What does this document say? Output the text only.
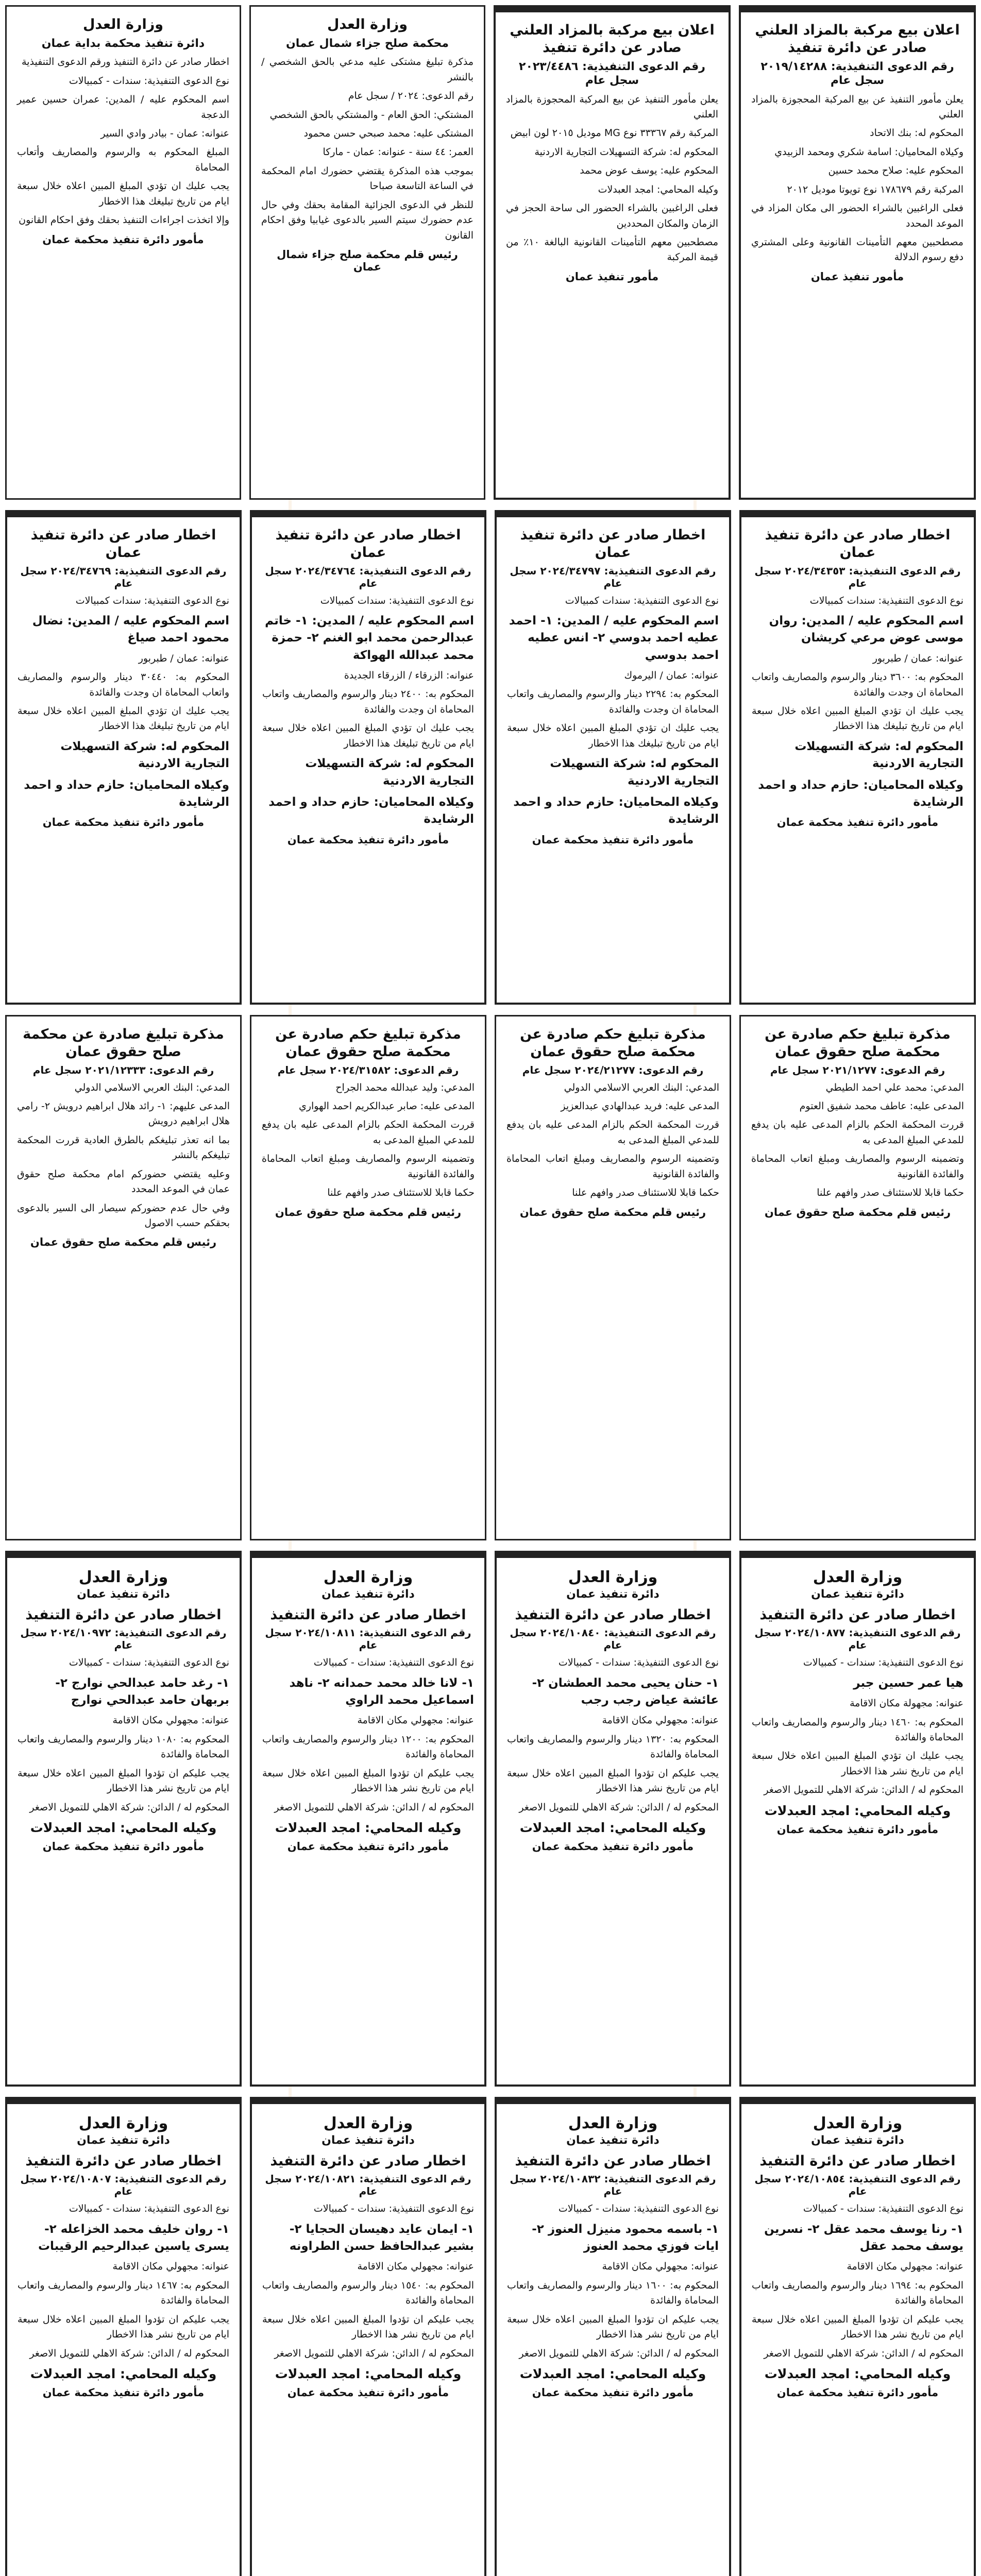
وزارة العدل
دائرة تنفيذ محكمة بداية عمان

اخطار صادر عن دائرة التنفيذ ورقم الدعوى التنفيذية

نوع الدعوى التنفيذية: سندات - كمبيالات

اسم المحكوم عليه / المدين: عمران حسين عمير الدعجة

عنوانه: عمان - بيادر وادي السير

المبلغ المحكوم به والرسوم والمصاريف وأتعاب المحاماة

يجب عليك ان تؤدي المبلغ المبين اعلاه خلال سبعة ايام من تاريخ تبليغك هذا الاخطار

وإلا اتخذت اجراءات التنفيذ بحقك وفق احكام القانون

مأمور دائرة تنفيذ محكمة عمان
وزارة العدل
محكمة صلح جزاء شمال عمان

مذكرة تبليغ مشتكى عليه مدعي بالحق الشخصي / بالنشر

رقم الدعوى: ٢٠٢٤ / سجل عام

المشتكي: الحق العام - والمشتكي بالحق الشخصي

المشتكى عليه: محمد صبحي حسن محمود

العمر: ٤٤ سنة - عنوانه: عمان - ماركا

بموجب هذه المذكرة يقتضي حضورك امام المحكمة في الساعة التاسعة صباحا

للنظر في الدعوى الجزائية المقامة بحقك وفي حال عدم حضورك سيتم السير بالدعوى غيابيا وفق احكام القانون

رئيس قلم محكمة صلح جزاء شمال عمان
اعلان بيع مركبة بالمزاد العلني صادر عن دائرة تنفيذ
رقم الدعوى التنفيذية: ٢٠٢٣/٤٤٨٦ سجل عام

يعلن مأمور التنفيذ عن بيع المركبة المحجوزة بالمزاد العلني

المركبة رقم ٣٣٣٦٧ نوع MG موديل ٢٠١٥ لون ابيض

المحكوم له: شركة التسهيلات التجارية الاردنية

المحكوم عليه: يوسف عوض محمد

وكيله المحامي: امجد العبدلات

فعلى الراغبين بالشراء الحضور الى ساحة الحجز في الزمان والمكان المحددين

مصطحبين معهم التأمينات القانونية البالغة ١٠٪ من قيمة المركبة

مأمور تنفيذ عمان
اعلان بيع مركبة بالمزاد العلني صادر عن دائرة تنفيذ
رقم الدعوى التنفيذية: ٢٠١٩/١٤٢٨٨ سجل عام

يعلن مأمور التنفيذ عن بيع المركبة المحجوزة بالمزاد العلني

المحكوم له: بنك الاتحاد

وكيلاه المحاميان: اسامة شكري ومحمد الزبيدي

المحكوم عليه: صلاح محمد حسين

المركبة رقم ١٧٨٦٧٩ نوع تويوتا موديل ٢٠١٢

فعلى الراغبين بالشراء الحضور الى مكان المزاد في الموعد المحدد

مصطحبين معهم التأمينات القانونية وعلى المشتري دفع رسوم الدلالة

مأمور تنفيذ عمان
اخطار صادر عن دائرة تنفيذ عمان
رقم الدعوى التنفيذية: ٢٠٢٤/٣٤٧٦٩ سجل عام

نوع الدعوى التنفيذية: سندات كمبيالات

اسم المحكوم عليه / المدين: نضال محمود احمد صياغ

عنوانه: عمان / طبربور

المحكوم به: ٣٠٤٤٠ دينار والرسوم والمصاريف واتعاب المحاماة ان وجدت والفائدة

يجب عليك ان تؤدي المبلغ المبين اعلاه خلال سبعة ايام من تاريخ تبليغك هذا الاخطار

المحكوم له: شركة التسهيلات التجارية الاردنية
وكيلاه المحاميان: حازم حداد و احمد الرشايدة
مأمور دائرة تنفيذ محكمة عمان
اخطار صادر عن دائرة تنفيذ عمان
رقم الدعوى التنفيذية: ٢٠٢٤/٣٤٧٦٤ سجل عام

نوع الدعوى التنفيذية: سندات كمبيالات

اسم المحكوم عليه / المدين: ١- خاتم عبدالرحمن محمد ابو الغنم ٢- حمزة محمد عبدالله الهواكة

عنوانه: الزرقاء / الزرقاء الجديدة

المحكوم به: ٢٤٠٠ دينار والرسوم والمصاريف واتعاب المحاماة ان وجدت والفائدة

يجب عليك ان تؤدي المبلغ المبين اعلاه خلال سبعة ايام من تاريخ تبليغك هذا الاخطار

المحكوم له: شركة التسهيلات التجارية الاردنية
وكيلاه المحاميان: حازم حداد و احمد الرشايدة
مأمور دائرة تنفيذ محكمة عمان
اخطار صادر عن دائرة تنفيذ عمان
رقم الدعوى التنفيذية: ٢٠٢٤/٣٤٧٩٧ سجل عام

نوع الدعوى التنفيذية: سندات كمبيالات

اسم المحكوم عليه / المدين: ١- احمد عطيه احمد بدوسي ٢- انس عطيه احمد بدوسي

عنوانه: عمان / اليرموك

المحكوم به: ٢٢٩٤ دينار والرسوم والمصاريف واتعاب المحاماة ان وجدت والفائدة

يجب عليك ان تؤدي المبلغ المبين اعلاه خلال سبعة ايام من تاريخ تبليغك هذا الاخطار

المحكوم له: شركة التسهيلات التجارية الاردنية
وكيلاه المحاميان: حازم حداد و احمد الرشايدة
مأمور دائرة تنفيذ محكمة عمان
اخطار صادر عن دائرة تنفيذ عمان
رقم الدعوى التنفيذية: ٢٠٢٤/٣٤٣٥٣ سجل عام

نوع الدعوى التنفيذية: سندات كمبيالات

اسم المحكوم عليه / المدين: روان موسى عوض مرعي كريشان

عنوانه: عمان / طبربور

المحكوم به: ٣٦٠٠ دينار والرسوم والمصاريف واتعاب المحاماة ان وجدت والفائدة

يجب عليك ان تؤدي المبلغ المبين اعلاه خلال سبعة ايام من تاريخ تبليغك هذا الاخطار

المحكوم له: شركة التسهيلات التجارية الاردنية
وكيلاه المحاميان: حازم حداد و احمد الرشايدة
مأمور دائرة تنفيذ محكمة عمان
مذكرة تبليغ صادرة عن محكمة صلح حقوق عمان
رقم الدعوى: ٢٠٢١/١٢٣٣٣ سجل عام

المدعي: البنك العربي الاسلامي الدولي

المدعى عليهم: ١- رائد هلال ابراهيم درويش ٢- رامي هلال ابراهيم درويش

بما انه تعذر تبليغكم بالطرق العادية قررت المحكمة تبليغكم بالنشر

وعليه يقتضي حضوركم امام محكمة صلح حقوق عمان في الموعد المحدد

وفي حال عدم حضوركم سيصار الى السير بالدعوى بحقكم حسب الاصول

رئيس قلم محكمة صلح حقوق عمان
مذكرة تبليغ حكم صادرة عن محكمة صلح حقوق عمان
رقم الدعوى: ٢٠٢٤/٣١٥٨٢ سجل عام

المدعي: وليد عبدالله محمد الجراح

المدعى عليه: صابر عبدالكريم احمد الهواري

قررت المحكمة الحكم بالزام المدعى عليه بان يدفع للمدعي المبلغ المدعى به

وتضمينه الرسوم والمصاريف ومبلغ اتعاب المحاماة والفائدة القانونية

حكما قابلا للاستئناف صدر وافهم علنا

رئيس قلم محكمة صلح حقوق عمان
مذكرة تبليغ حكم صادرة عن محكمة صلح حقوق عمان
رقم الدعوى: ٢٠٢٤/٢١٢٧٧ سجل عام

المدعي: البنك العربي الاسلامي الدولي

المدعى عليه: فريد عبدالهادي عبدالعزيز

قررت المحكمة الحكم بالزام المدعى عليه بان يدفع للمدعي المبلغ المدعى به

وتضمينه الرسوم والمصاريف ومبلغ اتعاب المحاماة والفائدة القانونية

حكما قابلا للاستئناف صدر وافهم علنا

رئيس قلم محكمة صلح حقوق عمان
مذكرة تبليغ حكم صادرة عن محكمة صلح حقوق عمان
رقم الدعوى: ٢٠٢١/١٢٧٧ سجل عام

المدعي: محمد علي احمد الطيطي

المدعى عليه: عاطف محمد شفيق العتوم

قررت المحكمة الحكم بالزام المدعى عليه بان يدفع للمدعي المبلغ المدعى به

وتضمينه الرسوم والمصاريف ومبلغ اتعاب المحاماة والفائدة القانونية

حكما قابلا للاستئناف صدر وافهم علنا

رئيس قلم محكمة صلح حقوق عمان
وزارة العدل
دائرة تنفيذ عمان
اخطار صادر عن دائرة التنفيذ
رقم الدعوى التنفيذية: ٢٠٢٤/١٠٩٧٢ سجل عام

نوع الدعوى التنفيذية: سندات - كمبيالات

١- رغد حامد عبدالحي نوارج ٢- بربهان حامد عبدالحي نوارج

عنوانه: مجهولي مكان الاقامة

المحكوم به: ١٠٨٠ دينار والرسوم والمصاريف واتعاب المحاماة والفائدة

يجب عليكم ان تؤدوا المبلغ المبين اعلاه خلال سبعة ايام من تاريخ نشر هذا الاخطار

المحكوم له / الدائن: شركة الاهلي للتمويل الاصغر

وكيله المحامي: امجد العبدلات
مأمور دائرة تنفيذ محكمة عمان
وزارة العدل
دائرة تنفيذ عمان
اخطار صادر عن دائرة التنفيذ
رقم الدعوى التنفيذية: ٢٠٢٤/١٠٨١١ سجل عام

نوع الدعوى التنفيذية: سندات - كمبيالات

١- لانا خالد محمد حمدانه ٢- ناهد اسماعيل محمد الراوي

عنوانه: مجهولي مكان الاقامة

المحكوم به: ١٢٠٠ دينار والرسوم والمصاريف واتعاب المحاماة والفائدة

يجب عليكم ان تؤدوا المبلغ المبين اعلاه خلال سبعة ايام من تاريخ نشر هذا الاخطار

المحكوم له / الدائن: شركة الاهلي للتمويل الاصغر

وكيله المحامي: امجد العبدلات
مأمور دائرة تنفيذ محكمة عمان
وزارة العدل
دائرة تنفيذ عمان
اخطار صادر عن دائرة التنفيذ
رقم الدعوى التنفيذية: ٢٠٢٤/١٠٨٤٠ سجل عام

نوع الدعوى التنفيذية: سندات - كمبيالات

١- حنان يحيى محمد العطشان ٢- عائشة عياض رجب رجب

عنوانه: مجهولي مكان الاقامة

المحكوم به: ١٣٢٠ دينار والرسوم والمصاريف واتعاب المحاماة والفائدة

يجب عليكم ان تؤدوا المبلغ المبين اعلاه خلال سبعة ايام من تاريخ نشر هذا الاخطار

المحكوم له / الدائن: شركة الاهلي للتمويل الاصغر

وكيله المحامي: امجد العبدلات
مأمور دائرة تنفيذ محكمة عمان
وزارة العدل
دائرة تنفيذ عمان
اخطار صادر عن دائرة التنفيذ
رقم الدعوى التنفيذية: ٢٠٢٤/١٠٨٧٧ سجل عام

نوع الدعوى التنفيذية: سندات - كمبيالات

هيا عمر حسين جبر

عنوانه: مجهولة مكان الاقامة

المحكوم به: ١٤٦٠ دينار والرسوم والمصاريف واتعاب المحاماة والفائدة

يجب عليك ان تؤدي المبلغ المبين اعلاه خلال سبعة ايام من تاريخ نشر هذا الاخطار

المحكوم له / الدائن: شركة الاهلي للتمويل الاصغر

وكيله المحامي: امجد العبدلات
مأمور دائرة تنفيذ محكمة عمان
وزارة العدل
دائرة تنفيذ عمان
اخطار صادر عن دائرة التنفيذ
رقم الدعوى التنفيذية: ٢٠٢٤/١٠٨٠٧ سجل عام

نوع الدعوى التنفيذية: سندات - كمبيالات

١- روان خليف محمد الخزاعله ٢- يسرى ياسين عبدالرحيم الرقيبات

عنوانه: مجهولي مكان الاقامة

المحكوم به: ١٤٦٧ دينار والرسوم والمصاريف واتعاب المحاماة والفائدة

يجب عليكم ان تؤدوا المبلغ المبين اعلاه خلال سبعة ايام من تاريخ نشر هذا الاخطار

المحكوم له / الدائن: شركة الاهلي للتمويل الاصغر

وكيله المحامي: امجد العبدلات
مأمور دائرة تنفيذ محكمة عمان
وزارة العدل
دائرة تنفيذ عمان
اخطار صادر عن دائرة التنفيذ
رقم الدعوى التنفيذية: ٢٠٢٤/١٠٨٢١ سجل عام

نوع الدعوى التنفيذية: سندات - كمبيالات

١- ايمان عايد دهيسان الحجايا ٢- بشير عبدالحافظ حسن الطراونه

عنوانه: مجهولي مكان الاقامة

المحكوم به: ١٥٤٠ دينار والرسوم والمصاريف واتعاب المحاماة والفائدة

يجب عليكم ان تؤدوا المبلغ المبين اعلاه خلال سبعة ايام من تاريخ نشر هذا الاخطار

المحكوم له / الدائن: شركة الاهلي للتمويل الاصغر

وكيله المحامي: امجد العبدلات
مأمور دائرة تنفيذ محكمة عمان
وزارة العدل
دائرة تنفيذ عمان
اخطار صادر عن دائرة التنفيذ
رقم الدعوى التنفيذية: ٢٠٢٤/١٠٨٣٢ سجل عام

نوع الدعوى التنفيذية: سندات - كمبيالات

١- باسمه محمود منيزل العنوز ٢- ايات فوزي محمد العنوز

عنوانه: مجهولي مكان الاقامة

المحكوم به: ١٦٠٠ دينار والرسوم والمصاريف واتعاب المحاماة والفائدة

يجب عليكم ان تؤدوا المبلغ المبين اعلاه خلال سبعة ايام من تاريخ نشر هذا الاخطار

المحكوم له / الدائن: شركة الاهلي للتمويل الاصغر

وكيله المحامي: امجد العبدلات
مأمور دائرة تنفيذ محكمة عمان
وزارة العدل
دائرة تنفيذ عمان
اخطار صادر عن دائرة التنفيذ
رقم الدعوى التنفيذية: ٢٠٢٤/١٠٨٥٤ سجل عام

نوع الدعوى التنفيذية: سندات - كمبيالات

١- رنا يوسف محمد عقل ٢- نسرين يوسف محمد عقل

عنوانه: مجهولي مكان الاقامة

المحكوم به: ١٦٩٤ دينار والرسوم والمصاريف واتعاب المحاماة والفائدة

يجب عليكم ان تؤدوا المبلغ المبين اعلاه خلال سبعة ايام من تاريخ نشر هذا الاخطار

المحكوم له / الدائن: شركة الاهلي للتمويل الاصغر

وكيله المحامي: امجد العبدلات
مأمور دائرة تنفيذ محكمة عمان
